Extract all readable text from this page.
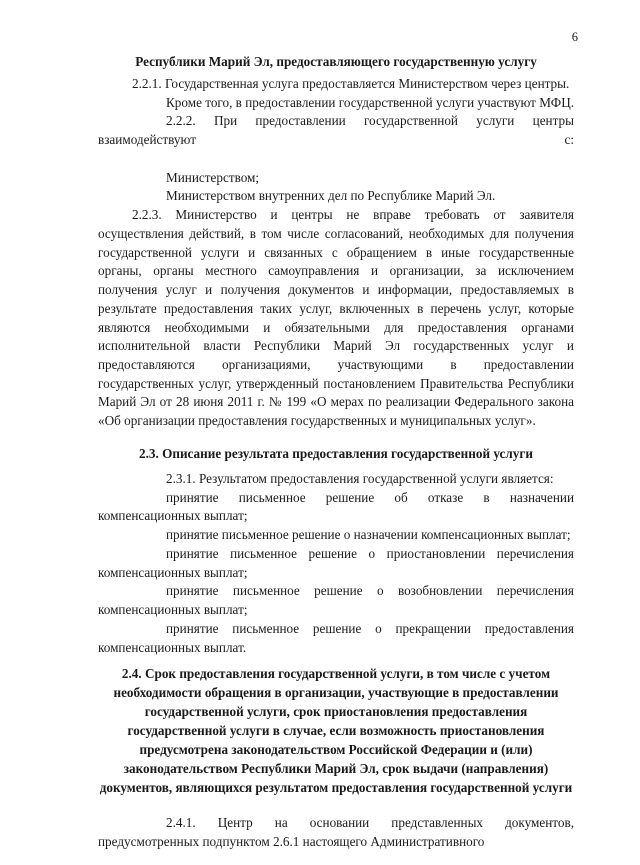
6

Республики Марий Эл, предоставляющего государственную услугу

2.2.1. Государственная услуга предоставляется Министерством через центры.

Кроме того, в предоставлении государственной услуги участвуют МФЦ.

2.2.2. При предоставлении государственной услуги центры взаимодействуют с:

Министерством;

Министерством внутренних дел по Республике Марий Эл.

2.2.3. Министерство и центры не вправе требовать от заявителя осуществления действий, в том числе согласований, необходимых для получения государственной услуги и связанных с обращением в иные государственные органы, органы местного самоуправления и организации, за исключением получения услуг и получения документов и информации, предоставляемых в результате предоставления таких услуг, включенных в перечень услуг, которые являются необходимыми и обязательными для предоставления органами исполнительной власти Республики Марий Эл государственных услуг и предоставляются организациями, участвующими в предоставлении государственных услуг, утвержденный постановлением Правительства Республики Марий Эл от 28 июня 2011 г. № 199 «О мерах по реализации Федерального закона «Об организации предоставления государственных и муниципальных услуг».

2.3. Описание результата предоставления государственной услуги

2.3.1. Результатом предоставления государственной услуги является:

принятие письменное решение об отказе в назначении компенсационных выплат;

принятие письменное решение о назначении компенсационных выплат;

принятие письменное решение о приостановлении перечисления компенсационных выплат;

принятие письменное решение о возобновлении перечисления компенсационных выплат;

принятие письменное решение о прекращении предоставления компенсационных выплат.

2.4. Срок предоставления государственной услуги, в том числе с учетом необходимости обращения в организации, участвующие в предоставлении государственной услуги, срок приостановления предоставления государственной услуги в случае, если возможность приостановления предусмотрена законодательством Российской Федерации и (или) законодательством Республики Марий Эл, срок выдачи (направления) документов, являющихся результатом предоставления государственной услуги

2.4.1. Центр на основании представленных документов, предусмотренных подпунктом 2.6.1 настоящего Административного
